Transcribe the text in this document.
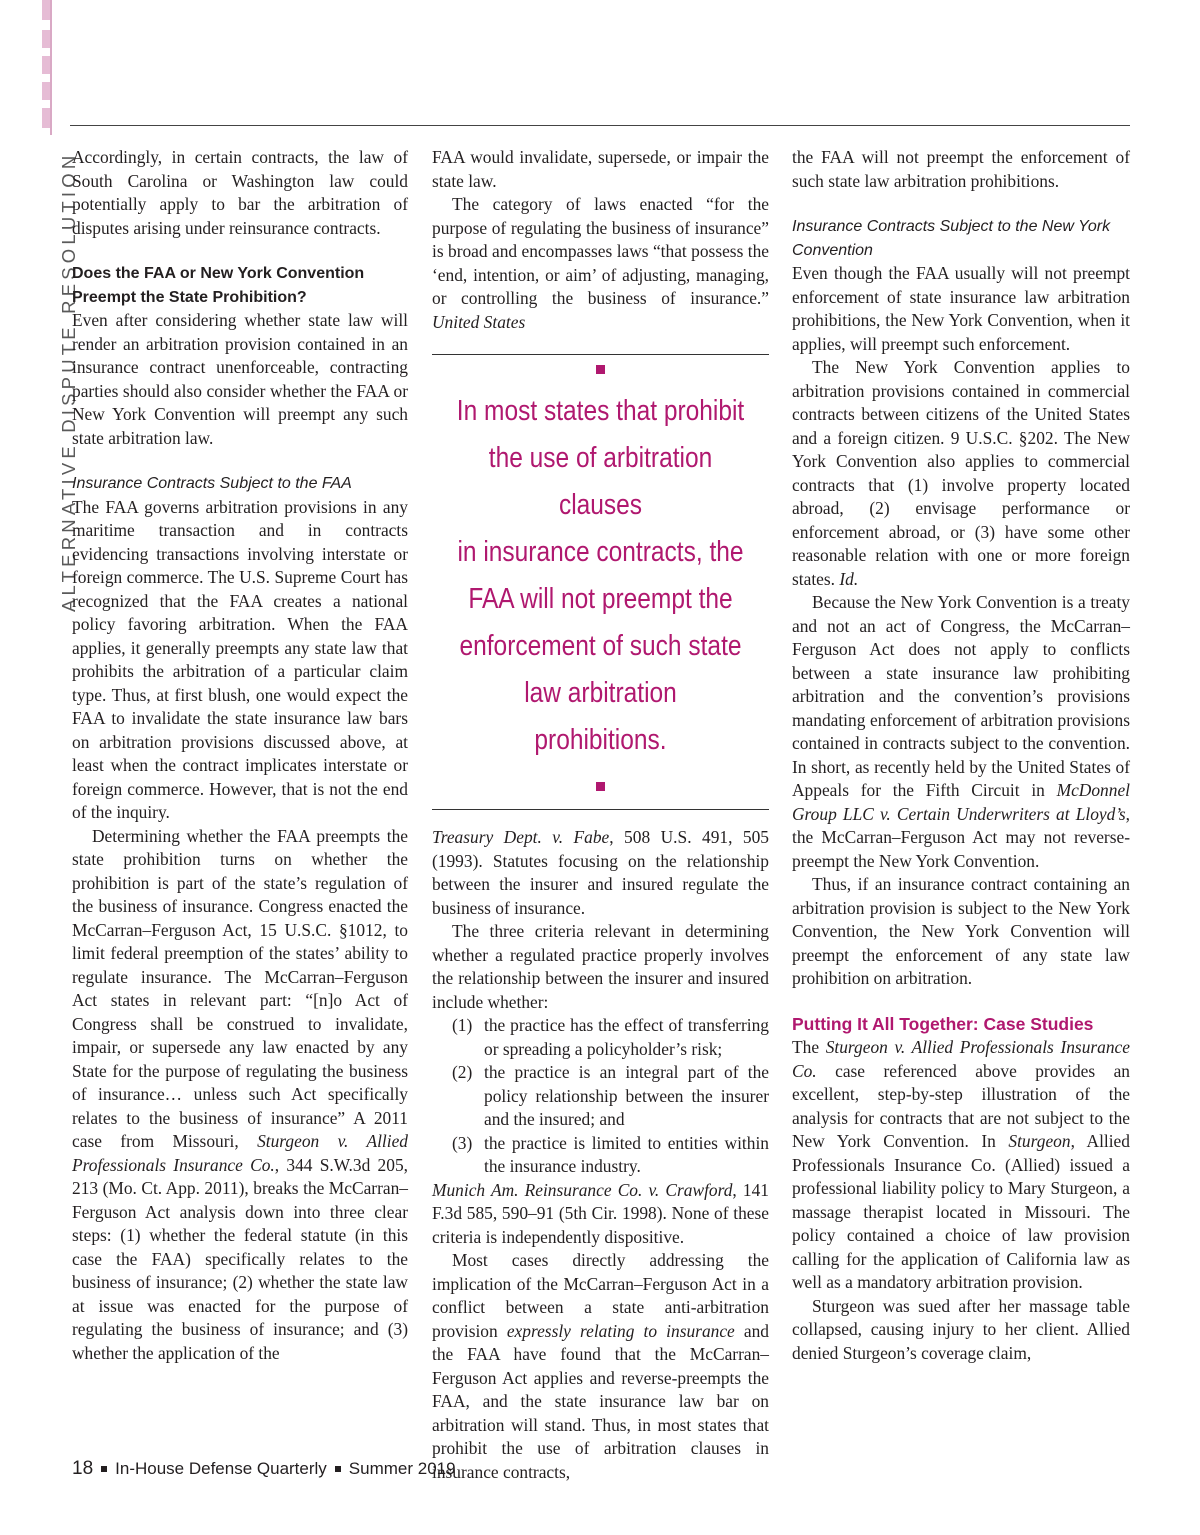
ALTERNATIVE DISPUTE RESOLUTION

Accordingly, in certain contracts, the law of South Carolina or Washington law could potentially apply to bar the arbitration of disputes arising under reinsurance contracts.

Does the FAA or New York Convention Preempt the State Prohibition?

Even after considering whether state law will render an arbitration provision contained in an insurance contract unenforceable, contracting parties should also consider whether the FAA or New York Convention will preempt any such state arbitration law.

Insurance Contracts Subject to the FAA

The FAA governs arbitration provisions in any maritime transaction and in contracts evidencing transactions involving interstate or foreign commerce. The U.S. Supreme Court has recognized that the FAA creates a national policy favoring arbitration. When the FAA applies, it generally preempts any state law that prohibits the arbitration of a particular claim type. Thus, at first blush, one would expect the FAA to invalidate the state insurance law bars on arbitration provisions discussed above, at least when the contract implicates interstate or foreign commerce. However, that is not the end of the inquiry.

Determining whether the FAA preempts the state prohibition turns on whether the prohibition is part of the state’s regulation of the business of insurance. Congress enacted the McCarran–Ferguson Act, 15 U.S.C. §1012, to limit federal preemption of the states’ ability to regulate insurance. The McCarran–Ferguson Act states in relevant part: “[n]o Act of Congress shall be construed to invalidate, impair, or supersede any law enacted by any State for the purpose of regulating the business of insurance… unless such Act specifically relates to the business of insurance” A 2011 case from Missouri, Sturgeon v. Allied Professionals Insurance Co., 344 S.W.3d 205, 213 (Mo. Ct. App. 2011), breaks the McCarran–Ferguson Act analysis down into three clear steps: (1) whether the federal statute (in this case the FAA) specifically relates to the business of insurance; (2) whether the state law at issue was enacted for the purpose of regulating the business of insurance; and (3) whether the application of the

FAA would invalidate, supersede, or impair the state law.

The category of laws enacted “for the purpose of regulating the business of insurance” is broad and encompasses laws “that possess the ‘end, intention, or aim’ of adjusting, managing, or controlling the business of insurance.” United States

In most states that prohibit
the use of arbitration clauses
in insurance contracts, the
FAA will not preempt the
enforcement of such state
law arbitration prohibitions.

Treasury Dept. v. Fabe, 508 U.S. 491, 505 (1993). Statutes focusing on the relationship between the insurer and insured regulate the business of insurance.

The three criteria relevant in determining whether a regulated practice properly involves the relationship between the insurer and insured include whether:

(1) the practice has the effect of transferring or spreading a policyholder’s risk;
(2) the practice is an integral part of the policy relationship between the insurer and the insured; and
(3) the practice is limited to entities within the insurance industry.

Munich Am. Reinsurance Co. v. Crawford, 141 F.3d 585, 590–91 (5th Cir. 1998). None of these criteria is independently dispositive.

Most cases directly addressing the implication of the McCarran–Ferguson Act in a conflict between a state anti-arbitration provision expressly relating to insurance and the FAA have found that the McCarran–Ferguson Act applies and reverse-preempts the FAA, and the state insurance law bar on arbitration will stand. Thus, in most states that prohibit the use of arbitration clauses in insurance contracts,

the FAA will not preempt the enforcement of such state law arbitration prohibitions.

Insurance Contracts Subject to the New York Convention

Even though the FAA usually will not preempt enforcement of state insurance law arbitration prohibitions, the New York Convention, when it applies, will preempt such enforcement.

The New York Convention applies to arbitration provisions contained in commercial contracts between citizens of the United States and a foreign citizen. 9 U.S.C. §202. The New York Convention also applies to commercial contracts that (1) involve property located abroad, (2) envisage performance or enforcement abroad, or (3) have some other reasonable relation with one or more foreign states. Id.

Because the New York Convention is a treaty and not an act of Congress, the McCarran–Ferguson Act does not apply to conflicts between a state insurance law prohibiting arbitration and the convention’s provisions mandating enforcement of arbitration provisions contained in contracts subject to the convention. In short, as recently held by the United States of Appeals for the Fifth Circuit in McDonnel Group LLC v. Certain Underwriters at Lloyd’s, the McCarran–Ferguson Act may not reverse-preempt the New York Convention.

Thus, if an insurance contract containing an arbitration provision is subject to the New York Convention, the New York Convention will preempt the enforcement of any state law prohibition on arbitration.

Putting It All Together: Case Studies

The Sturgeon v. Allied Professionals Insurance Co. case referenced above provides an excellent, step-by-step illustration of the analysis for contracts that are not subject to the New York Convention. In Sturgeon, Allied Professionals Insurance Co. (Allied) issued a professional liability policy to Mary Sturgeon, a massage therapist located in Missouri. The policy contained a choice of law provision calling for the application of California law as well as a mandatory arbitration provision.

Sturgeon was sued after her massage table collapsed, causing injury to her client. Allied denied Sturgeon’s coverage claim,

18 In-House Defense Quarterly Summer 2019
